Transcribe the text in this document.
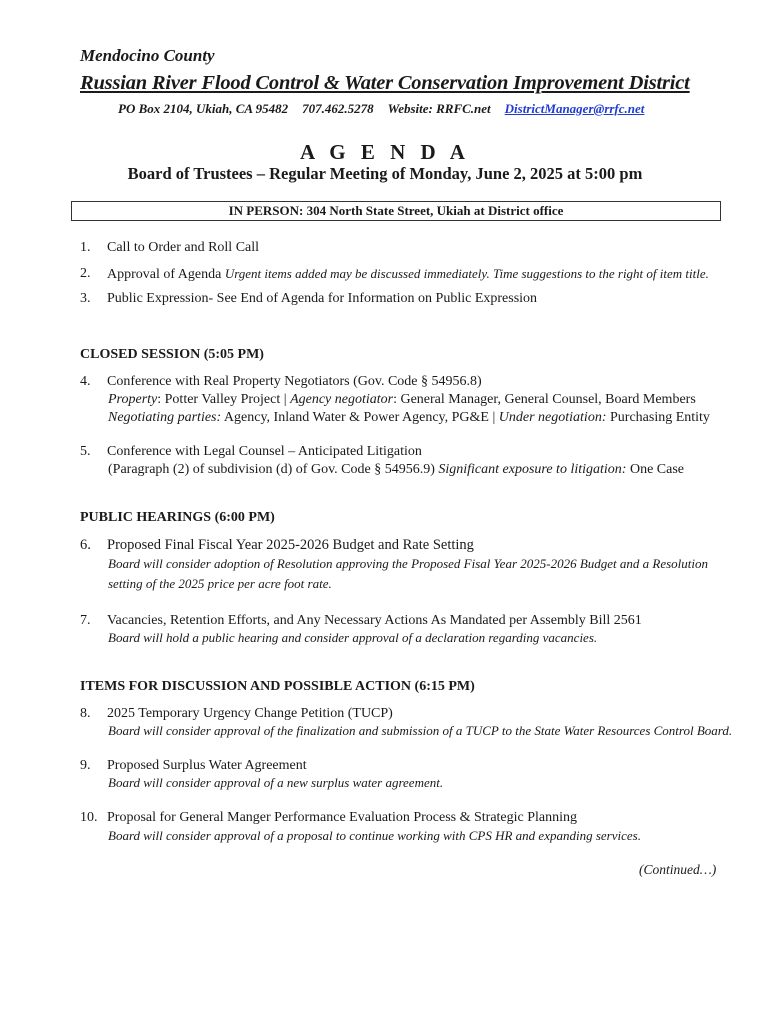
Mendocino County
Russian River Flood Control & Water Conservation Improvement District
PO Box 2104, Ukiah, CA 95482 707.462.5278 Website: RRFC.net DistrictManager@rrfc.net
A G E N D A
Board of Trustees – Regular Meeting of Monday, June 2, 2025 at 5:00 pm
IN PERSON: 304 North State Street, Ukiah at District office
1. Call to Order and Roll Call
2. Approval of Agenda Urgent items added may be discussed immediately. Time suggestions to the right of item title.
3. Public Expression- See End of Agenda for Information on Public Expression
CLOSED SESSION (5:05 PM)
4. Conference with Real Property Negotiators (Gov. Code § 54956.8)
Property: Potter Valley Project | Agency negotiator: General Manager, General Counsel, Board Members
Negotiating parties: Agency, Inland Water & Power Agency, PG&E | Under negotiation: Purchasing Entity
5. Conference with Legal Counsel – Anticipated Litigation
(Paragraph (2) of subdivision (d) of Gov. Code § 54956.9) Significant exposure to litigation: One Case
PUBLIC HEARINGS (6:00 PM)
6. Proposed Final Fiscal Year 2025-2026 Budget and Rate Setting
Board will consider adoption of Resolution approving the Proposed Fisal Year 2025-2026 Budget and a Resolution
setting of the 2025 price per acre foot rate.
7. Vacancies, Retention Efforts, and Any Necessary Actions As Mandated per Assembly Bill 2561
Board will hold a public hearing and consider approval of a declaration regarding vacancies.
ITEMS FOR DISCUSSION AND POSSIBLE ACTION (6:15 PM)
8. 2025 Temporary Urgency Change Petition (TUCP)
Board will consider approval of the finalization and submission of a TUCP to the State Water Resources Control Board.
9. Proposed Surplus Water Agreement
Board will consider approval of a new surplus water agreement.
10. Proposal for General Manger Performance Evaluation Process & Strategic Planning
Board will consider approval of a proposal to continue working with CPS HR and expanding services.
(Continued…)
